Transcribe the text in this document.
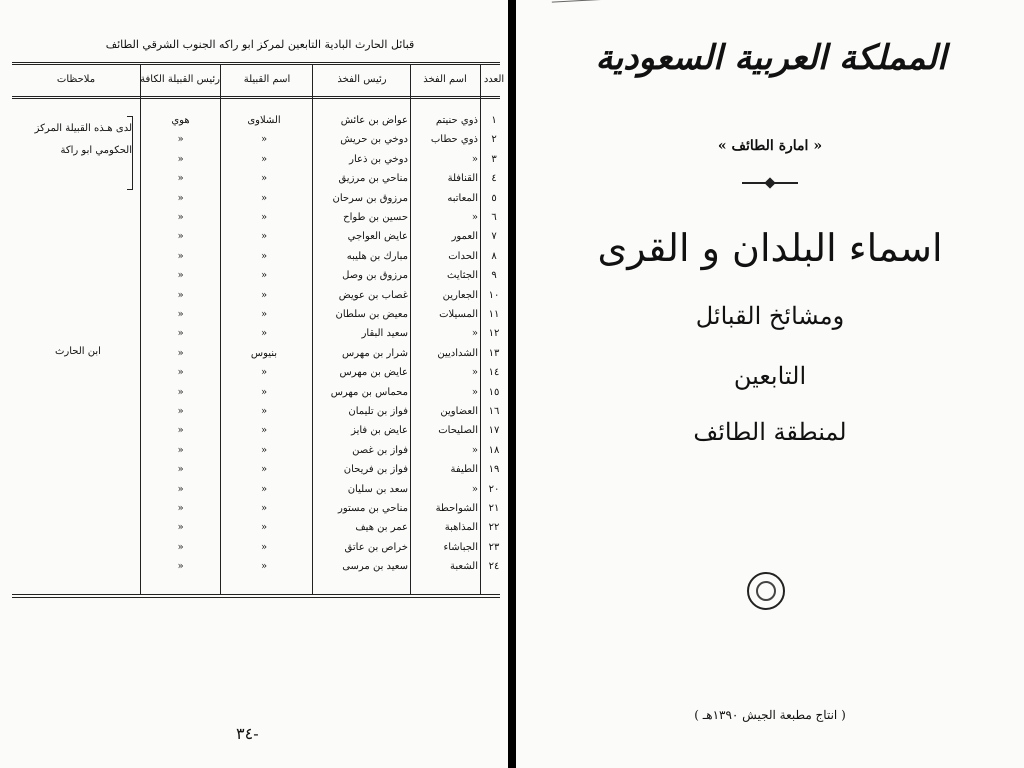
قبائل الحارث البادية التابعين لمركز ابو راكه الجنوب الشرقي الطائف
العدد
اسم الفخذ
رئيس الفخذ
اسم القبيلة
رئيس القبيلة الكافة
ملاحظات
١
ذوي حنيتم
عواض بن عائش
الشلاوى
هوي
٢
ذوي حطاب
دوخي بن حريش
«
«
٣
«
دوخي بن ذعار
«
«
٤
القنافلة
مناحي بن مرزيق
«
«
٥
المعاتبه
مرزوق بن سرحان
«
«
٦
«
حسين بن طواح
«
«
٧
العمور
عايض العواجي
«
«
٨
الحدات
مبارك بن هليبه
«
«
٩
الجثايث
مرزوق بن وصل
«
«
١٠
الجعارين
غصاب بن عويض
«
«
١١
المسيلات
معيض بن سلطان
«
«
١٢
«
سعيد البقار
«
«
١٣
الشداديين
شرار بن مهرس
بنيوس
«
١٤
«
عايض بن مهرس
«
«
١٥
«
محماس بن مهرس
«
«
١٦
العضاوين
فواز بن تليمان
«
«
١٧
الصليحات
عايض بن فايز
«
«
١٨
«
فواز بن غصن
«
«
١٩
الطيفة
فواز بن فريحان
«
«
٢٠
«
سعد بن سليان
«
«
٢١
الشواحطة
مناحي بن مستور
«
«
٢٢
المذاهبة
عمر بن هيف
«
«
٢٣
الجباشاء
خراص بن عاتق
«
«
٢٤
الشعبة
سعيد بن مرسى
«
«
لدى هـذه القبيلة المركز
الحكومي ابو راكة
ابن الحارث
-٣٤
المملكة العربية السعودية
« امارة الطائف »
اسماء البلدان و القرى
ومشائخ القبائل
التابعين
لمنطقة الطائف
( انتاج مطبعة الجيش ١٣٩٠هـ )
